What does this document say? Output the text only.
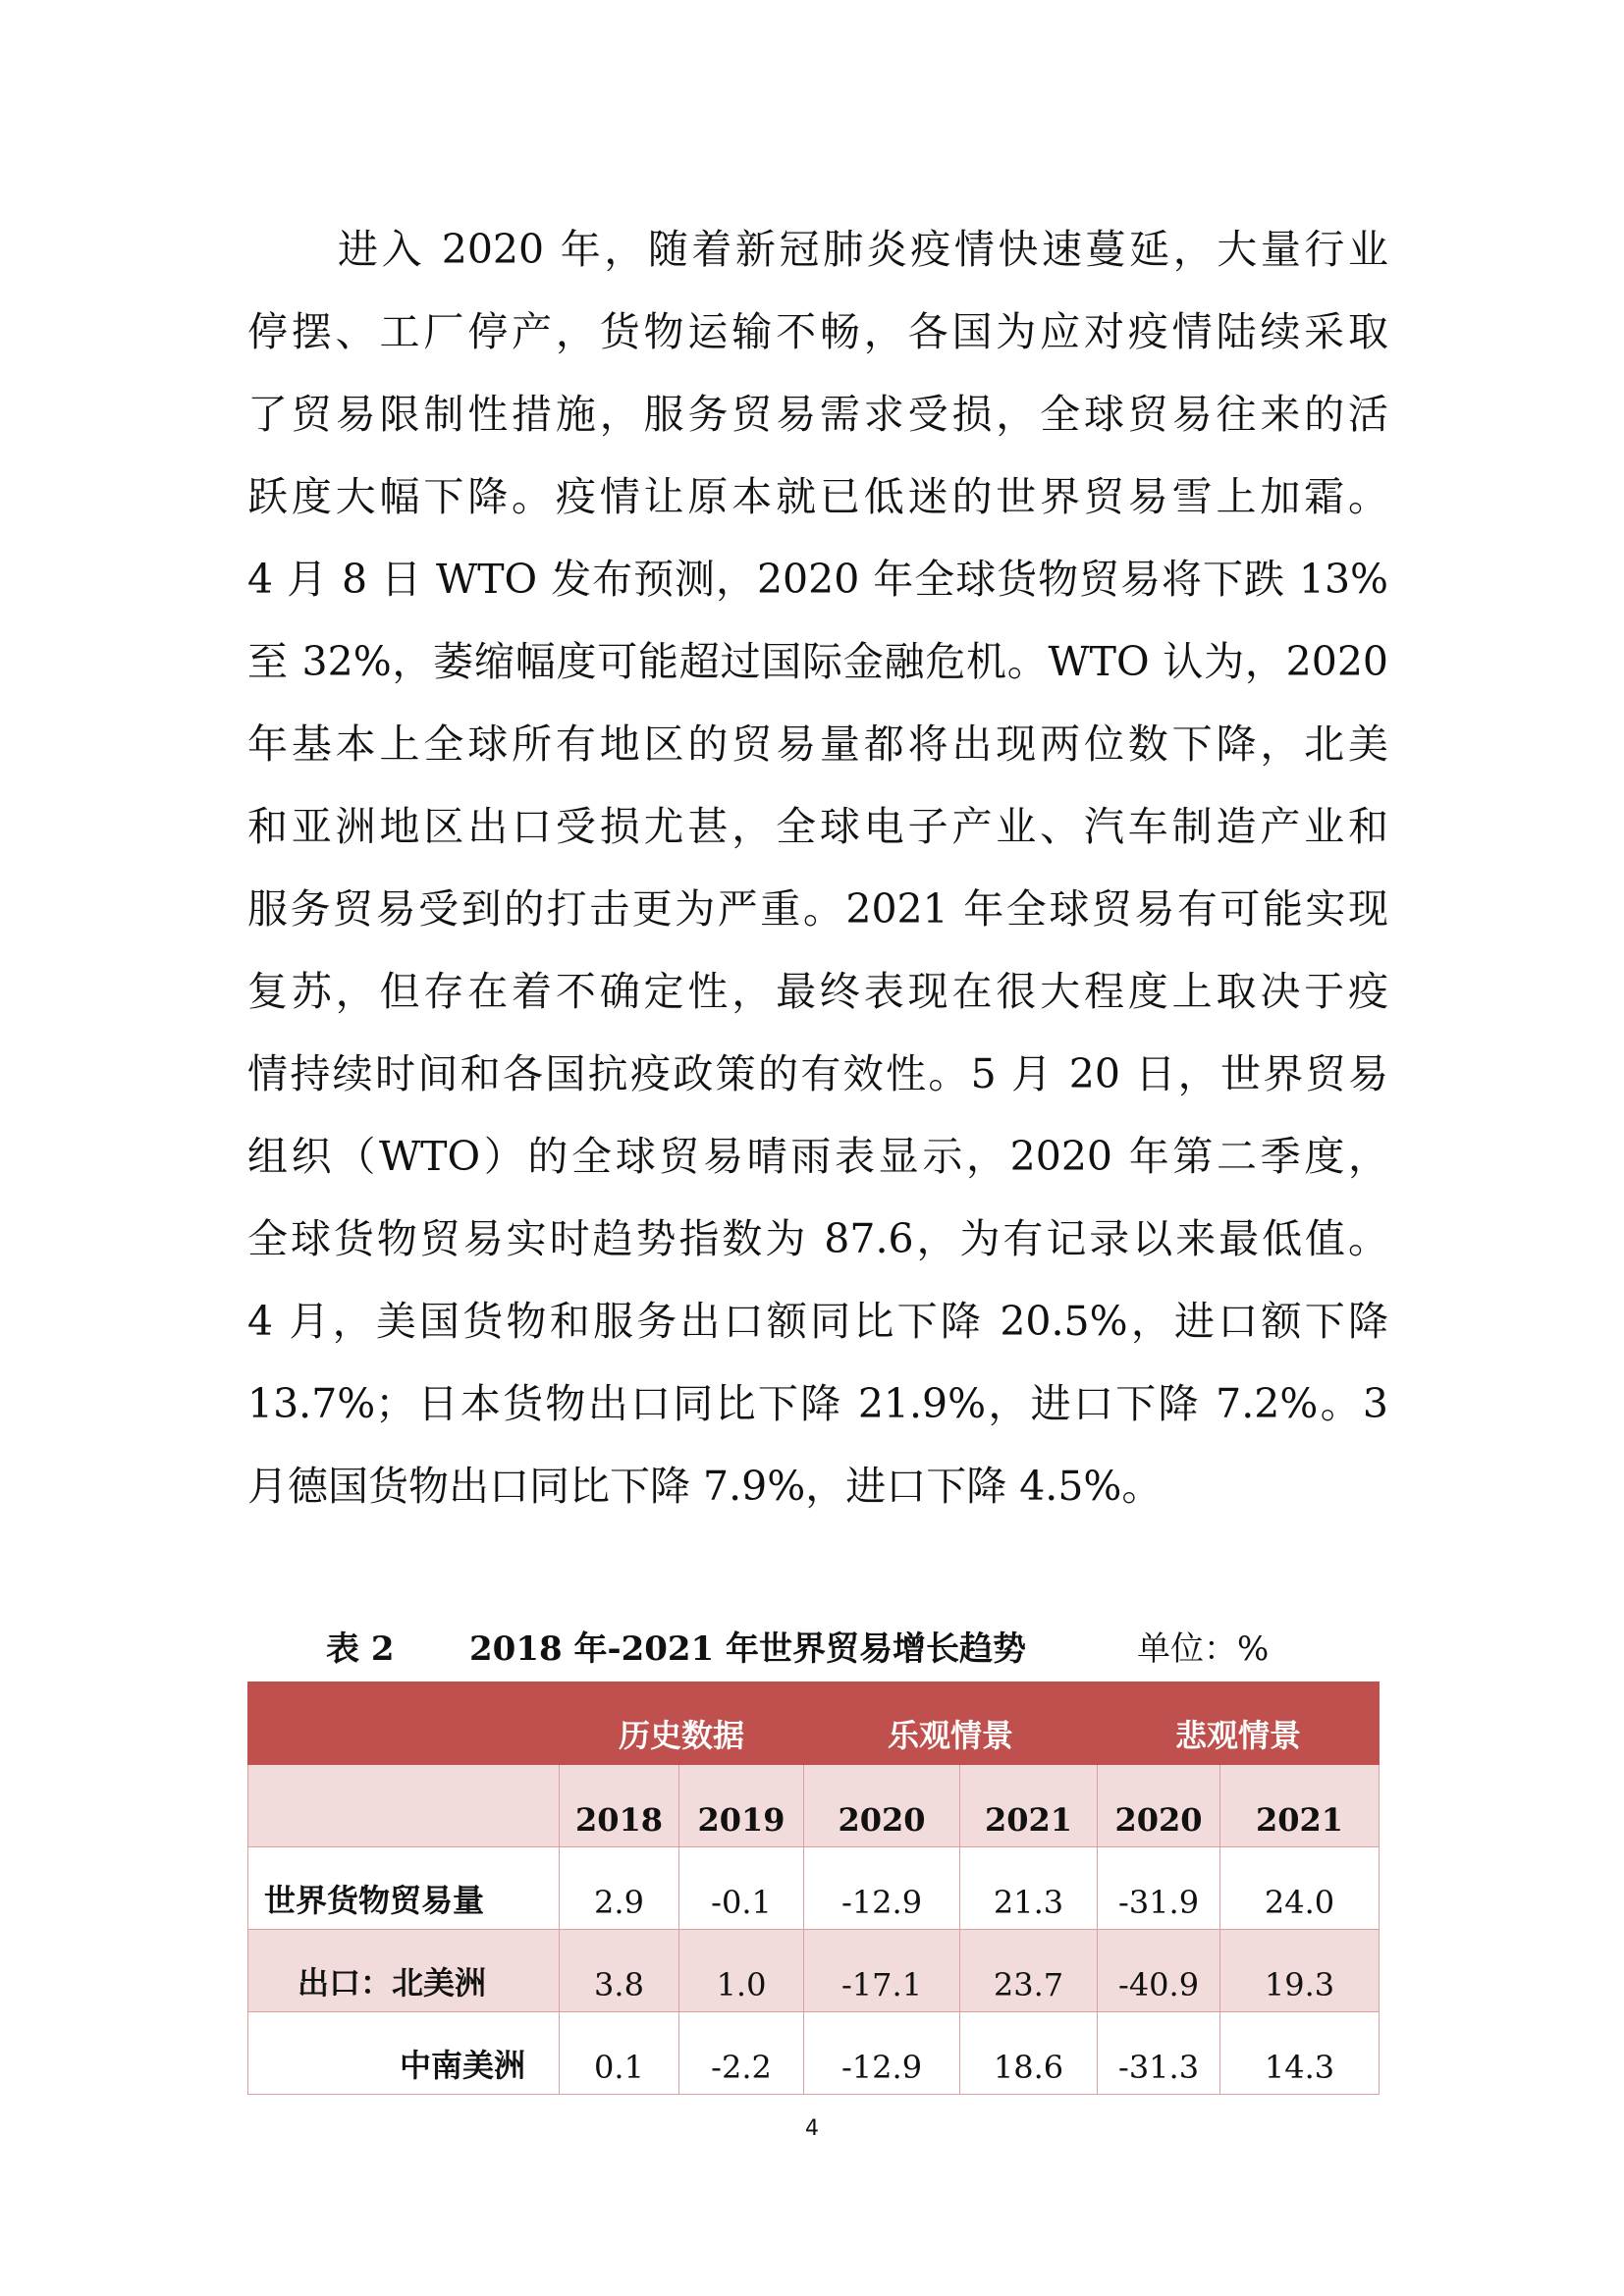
进入 2020 年，随着新冠肺炎疫情快速蔓延，大量行业
停摆、工厂停产，货物运输不畅，各国为应对疫情陆续采取
了贸易限制性措施，服务贸易需求受损，全球贸易往来的活
跃度大幅下降。疫情让原本就已低迷的世界贸易雪上加霜。
4 月 8 日 WTO 发布预测，2020 年全球货物贸易将下跌 13%
至 32%，萎缩幅度可能超过国际金融危机。WTO 认为，2020
年基本上全球所有地区的贸易量都将出现两位数下降，北美
和亚洲地区出口受损尤甚，全球电子产业、汽车制造产业和
服务贸易受到的打击更为严重。2021 年全球贸易有可能实现
复苏，但存在着不确定性，最终表现在很大程度上取决于疫
情持续时间和各国抗疫政策的有效性。5 月 20 日，世界贸易
组织（WTO）的全球贸易晴雨表显示，2020 年第二季度，
全球货物贸易实时趋势指数为 87.6，为有记录以来最低值。
4 月，美国货物和服务出口额同比下降 20.5%，进口额下降
13.7%；日本货物出口同比下降 21.9%，进口下降 7.2%。3
月德国货物出口同比下降 7.9%，进口下降 4.5%。
表 2 2018 年-2021 年世界贸易增长趋势	单位：%
	历史数据		乐观情景		悲观情景	
	2018	2019	2020	2021	2020	2021
世界货物贸易量	2.9	-0.1	-12.9	21.3	-31.9	24.0
出口：北美洲	3.8	1.0	-17.1	23.7	-40.9	19.3
中南美洲	0.1	-2.2	-12.9	18.6	-31.3	14.3
4
